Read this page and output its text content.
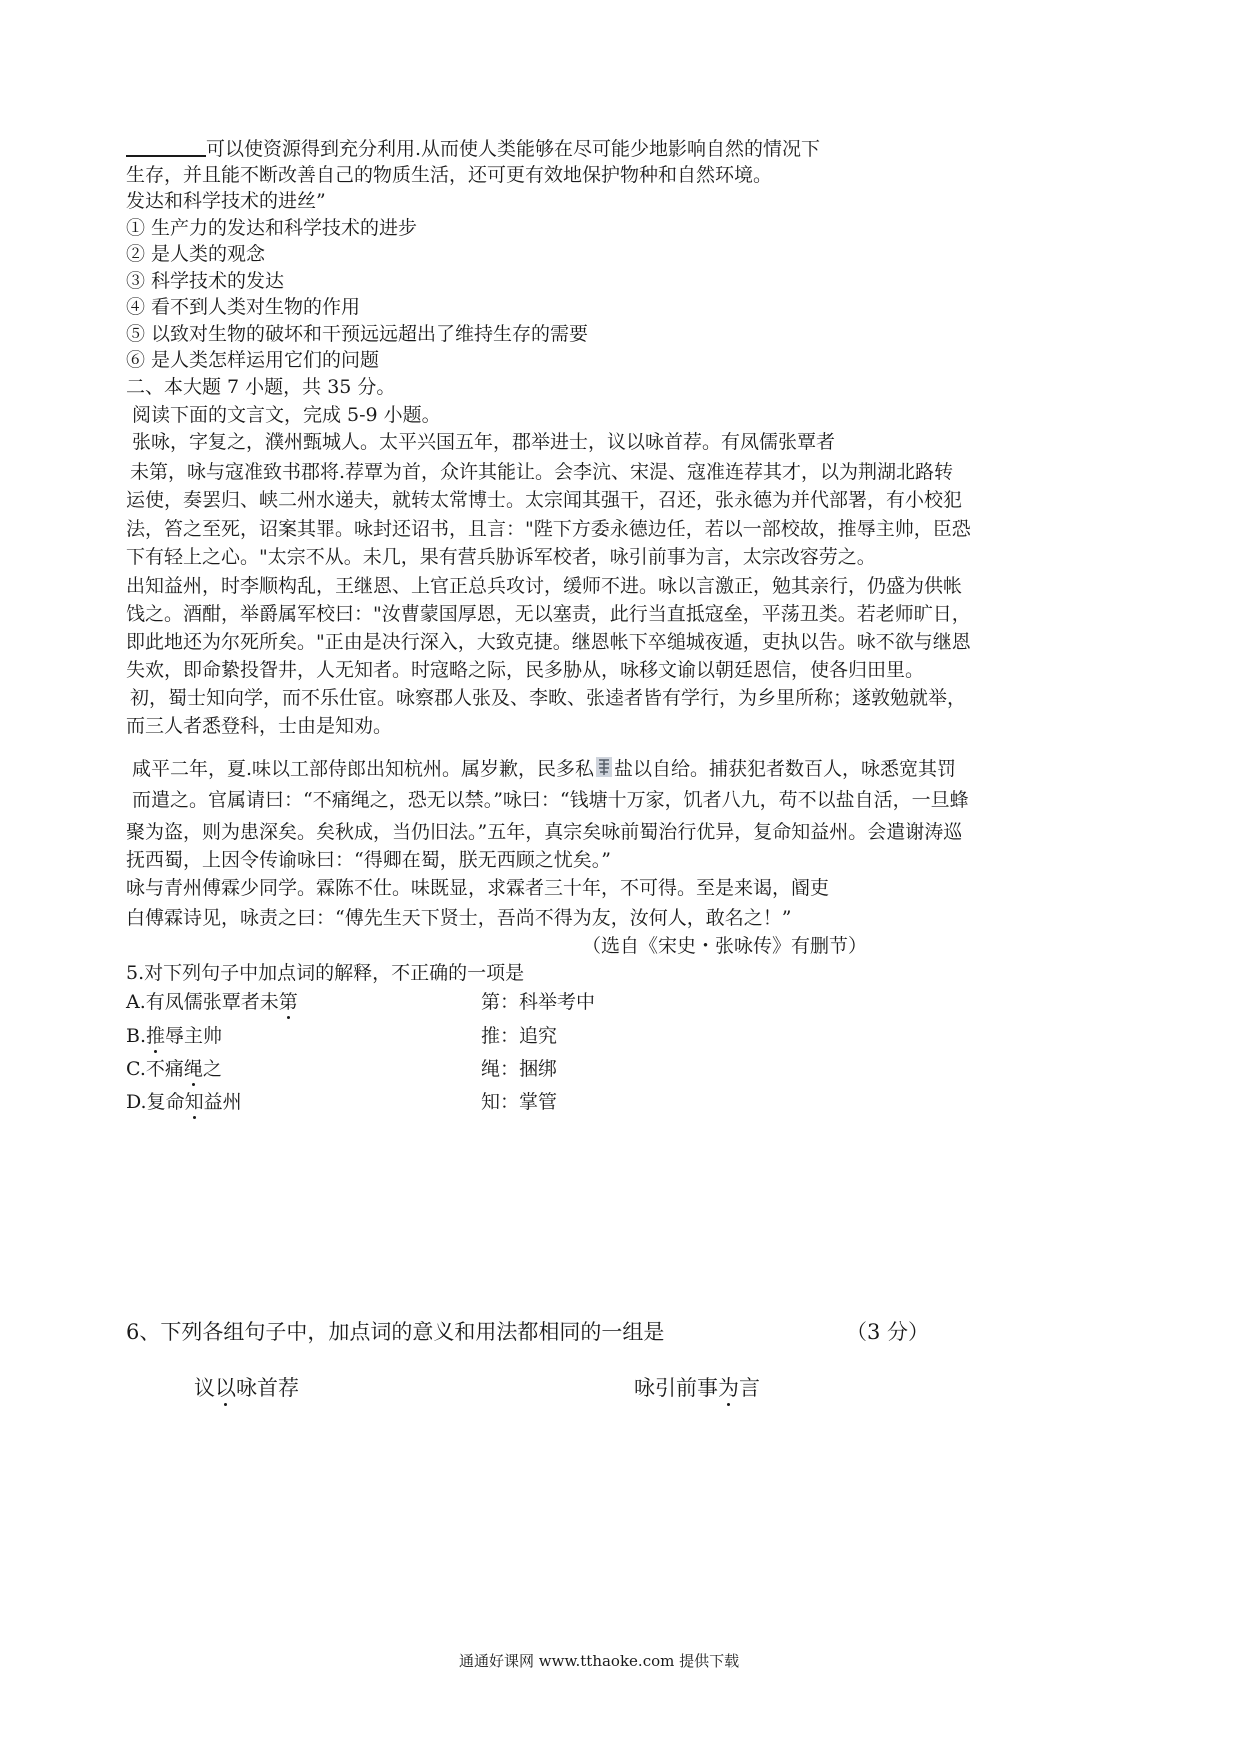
可以使资源得到充分利用.从而使人类能够在尽可能少地影响自然的情况下
生存，并且能不断改善自己的物质生活，还可更有效地保护物种和自然环境。
发达和科学技术的进丝”
① 生产力的发达和科学技术的进步
② 是人类的观念
③ 科学技术的发达
④ 看不到人类对生物的作用
⑤ 以致对生物的破坏和干预远远超出了维持生存的需要
⑥ 是人类怎样运用它们的问题
二、本大题 7 小题，共 35 分。
阅读下面的文言文，完成 5-9 小题。
张咏，字复之，濮州甄城人。太平兴国五年，郡举进士，议以咏首荐。有凤儒张覃者
未第，咏与寇准致书郡将.荐覃为首，众许其能让。会李沆、宋湜、寇准连荐其才，以为荆湖北路转
运使，奏罢归、峡二州水递夫，就转太常博士。太宗闻其强干，召还，张永德为并代部署，有小校犯
法，笞之至死，诏案其罪。咏封还诏书，且言："陛下方委永德边任，若以一部校故，推辱主帅，臣恐
下有轻上之心。"太宗不从。未几，果有营兵胁诉军校者，咏引前事为言，太宗改容劳之。
出知益州，时李顺构乱，王继恩、上官正总兵攻讨，缓师不进。咏以言激正，勉其亲行，仍盛为供帐
饯之。酒酣，举爵属军校曰："汝曹蒙国厚恩，无以塞责，此行当直抵寇垒，平荡丑类。若老师旷日，
即此地还为尔死所矣。"正由是决行深入，大致克捷。继恩帐下卒缒城夜遁，吏执以告。咏不欲与继恩
失欢，即命絷投眢井，人无知者。时寇略之际，民多胁从，咏移文谕以朝廷恩信，使各归田里。
初，蜀士知向学，而不乐仕宦。咏察郡人张及、李畋、张逵者皆有学行，为乡里所称；遂敦勉就举，
而三人者悉登科，士由是知劝。
咸平二年，夏.味以工部侍郎出知杭州。属岁歉，民多私 盐以自给。捕获犯者数百人，咏悉宽其罚
而遣之。官属请曰：“不痛绳之，恐无以禁。”咏曰：“钱塘十万家，饥者八九，苟不以盐自活，一旦蜂
聚为盗，则为患深矣。矣秋成，当仍旧法。”五年，真宗矣咏前蜀治行优异，复命知益州。会遣谢涛巡
抚西蜀，上因令传谕咏曰：“得卿在蜀，朕无西顾之忧矣。”
咏与青州傅霖少同学。霖陈不仕。味既显，求霖者三十年，不可得。至是来谒，阍吏
白傅霖诗见，咏责之曰：“傅先生天下贤士，吾尚不得为友，汝何人，敢名之！”
（选自《宋史・张咏传》有删节）
5.对下列句子中加点词的解释，不正确的一项是
A.有凤儒张覃者未第	第：科举考中
B.推辱主帅	推：追究
C.不痛绳之	绳：捆绑
D.复命知益州	知：掌管
6、下列各组句子中，加点词的意义和用法都相同的一组是	（3 分）
议以咏首荐	咏引前事为言
通通好课网 www.tthaoke.com 提供下载
